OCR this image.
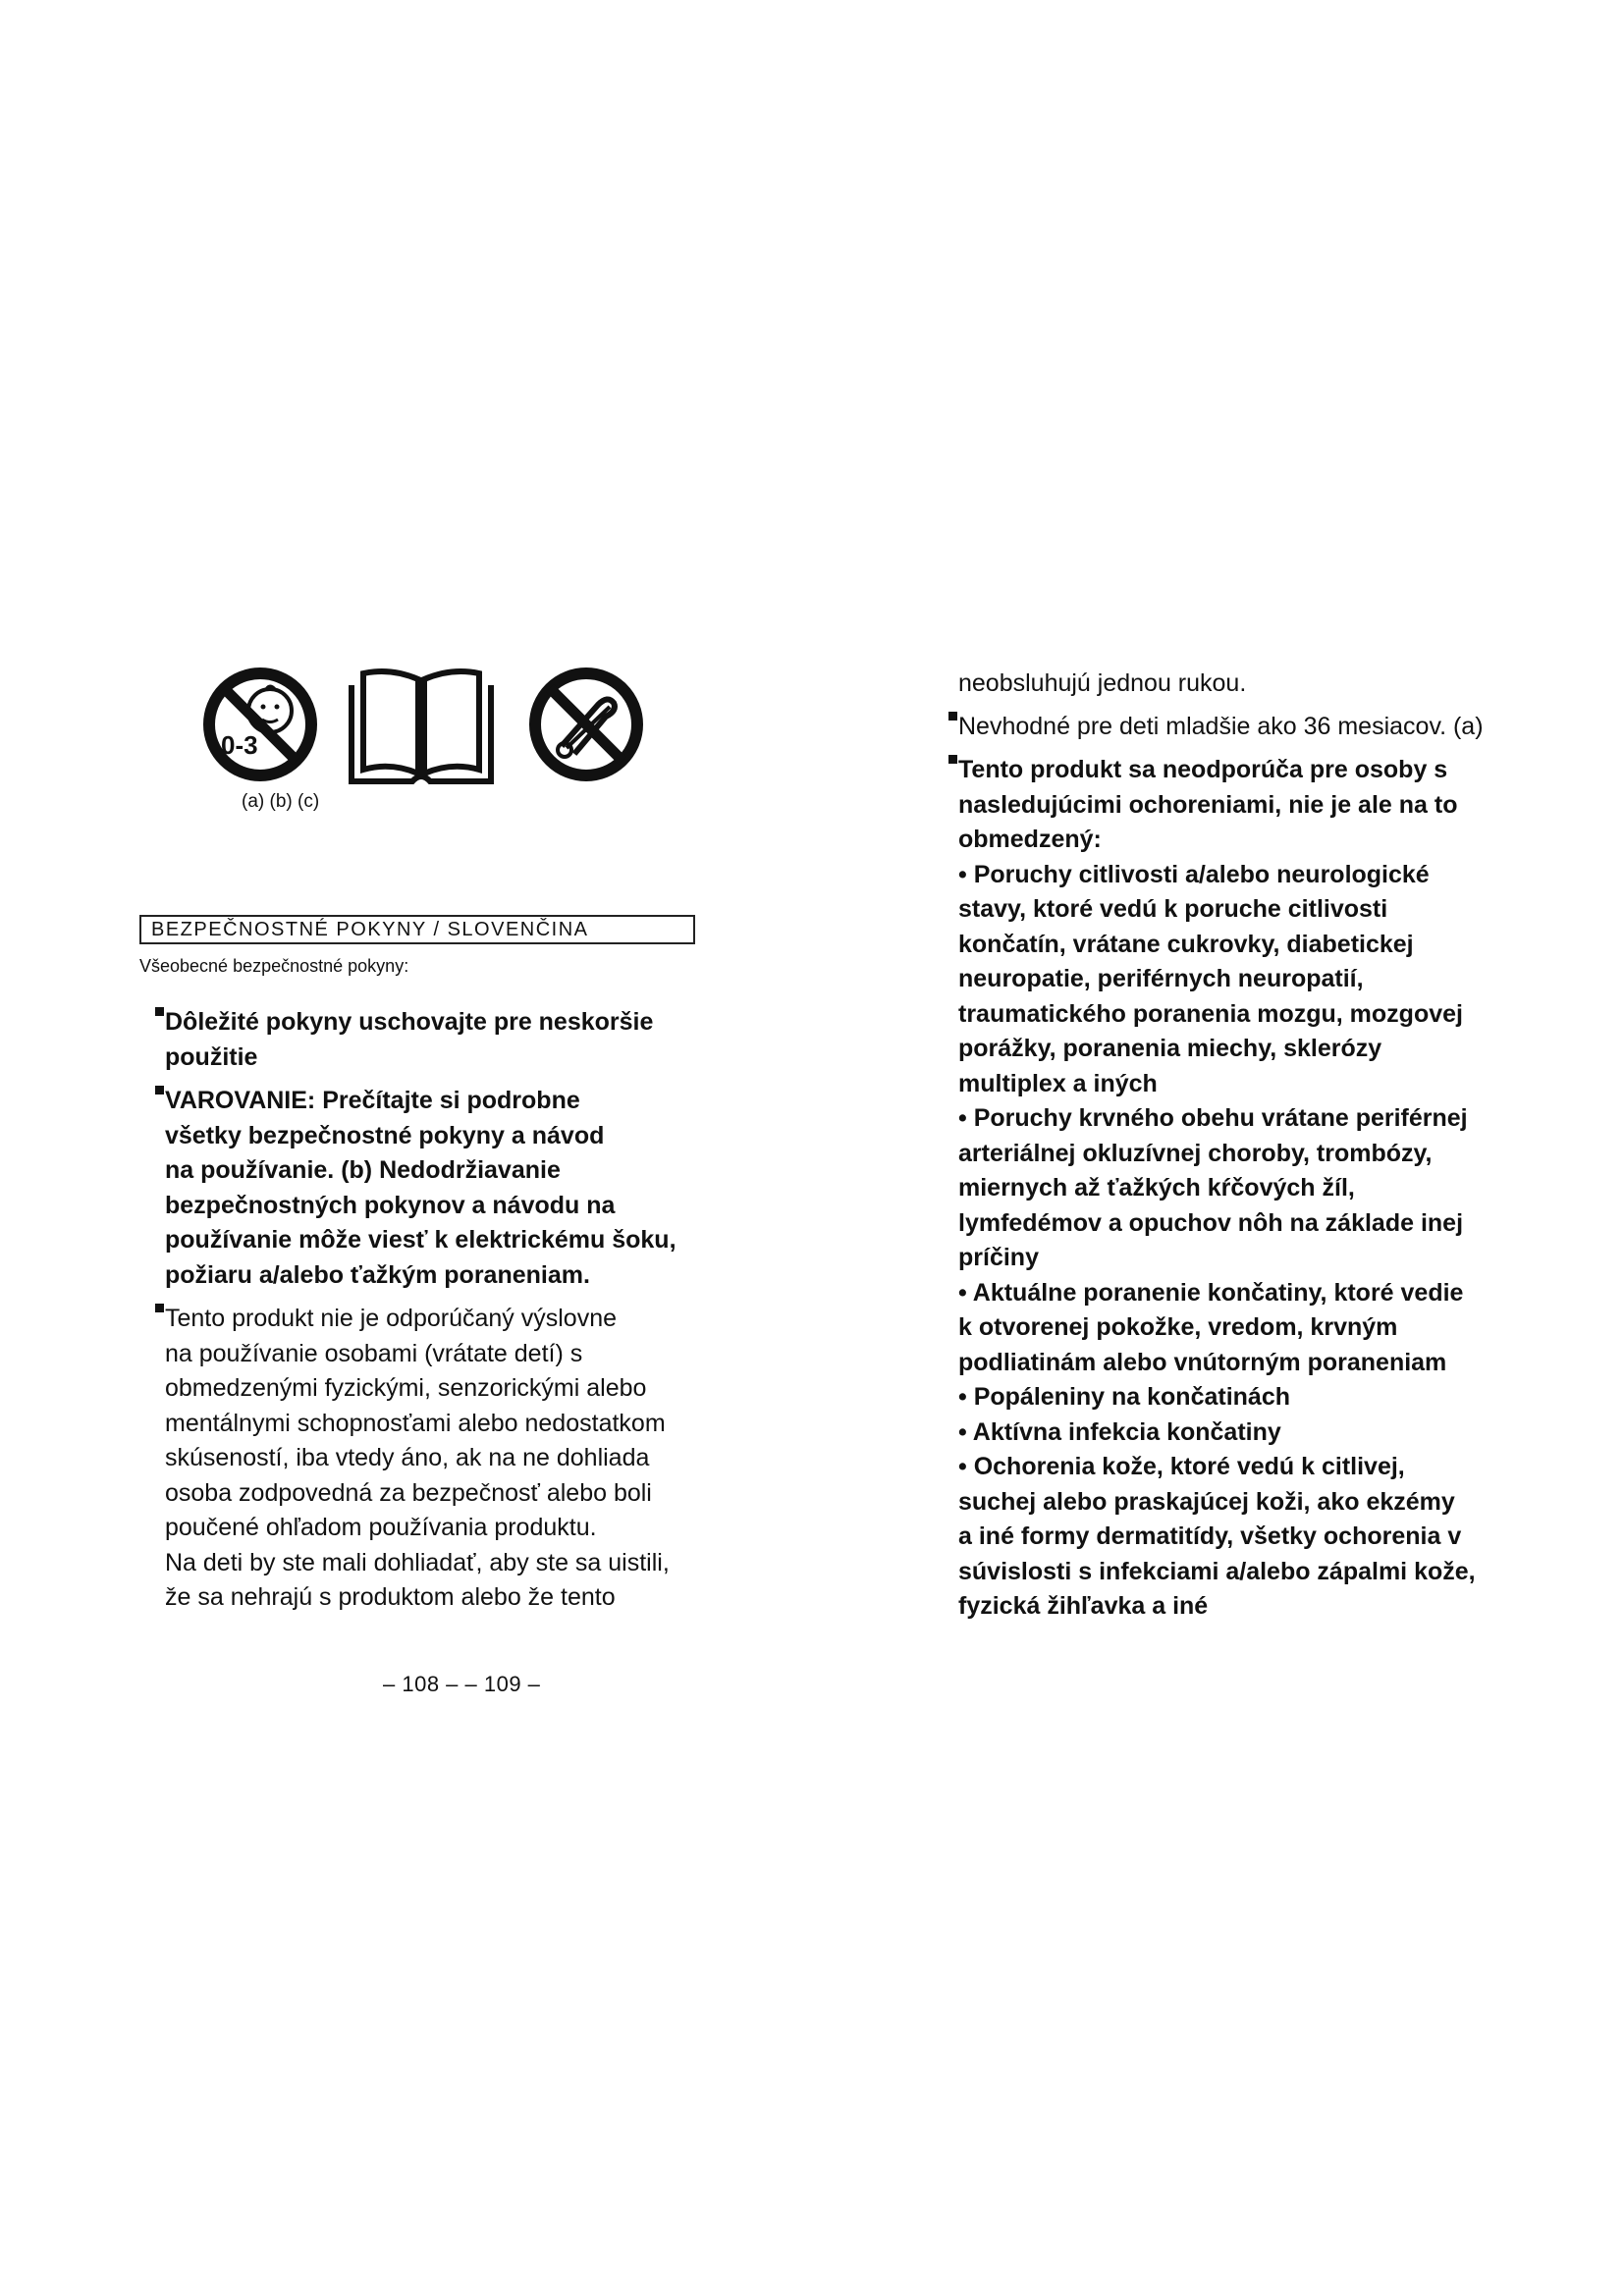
0-3
(a) (b) (c)
BEZPEČNOSTNÉ POKYNY / SLOVENČINA
Všeobecné bezpečnostné pokyny:
Dôležité pokyny uschovajte pre neskoršie
použitie
VAROVANIE: Prečítajte si podrobne
všetky bezpečnostné pokyny a návod
na používanie. (b) Nedodržiavanie
bezpečnostných pokynov a návodu na
používanie môže viesť k elektrickému šoku,
požiaru a/alebo ťažkým poraneniam.
Tento produkt nie je odporúčaný výslovne
na používanie osobami (vrátate detí) s
obmedzenými fyzickými, senzorickými alebo
mentálnymi schopnosťami alebo nedostatkom
skúseností, iba vtedy áno, ak na ne dohliada
osoba zodpovedná za bezpečnosť alebo boli
poučené ohľadom používania produktu.
Na deti by ste mali dohliadať, aby ste sa uistili,
že sa nehrajú s produktom alebo že tento
neobsluhujú jednou rukou.
Nevhodné pre deti mladšie ako 36 mesiacov. (a)
Tento produkt sa neodporúča pre osoby s
nasledujúcimi ochoreniami, nie je ale na to
obmedzený:
• Poruchy citlivosti a/alebo neurologické
stavy, ktoré vedú k poruche citlivosti
končatín, vrátane cukrovky, diabetickej
neuropatie, periférnych neuropatií,
traumatického poranenia mozgu, mozgovej
porážky, poranenia miechy, sklerózy
multiplex a iných
• Poruchy krvného obehu vrátane periférnej
arteriálnej okluzívnej choroby, trombózy,
miernych až ťažkých kŕčových žíl,
lymfedémov a opuchov nôh na základe inej
príčiny
• Aktuálne poranenie končatiny, ktoré vedie
k otvorenej pokožke, vredom, krvným
podliatinám alebo vnútorným poraneniam
• Popáleniny na končatinách
• Aktívna infekcia končatiny
• Ochorenia kože, ktoré vedú k citlivej,
suchej alebo praskajúcej koži, ako ekzémy
a iné formy dermatitídy, všetky ochorenia v
súvislosti s infekciami a/alebo zápalmi kože,
fyzická žihľavka a iné
– 108 – – 109 –
